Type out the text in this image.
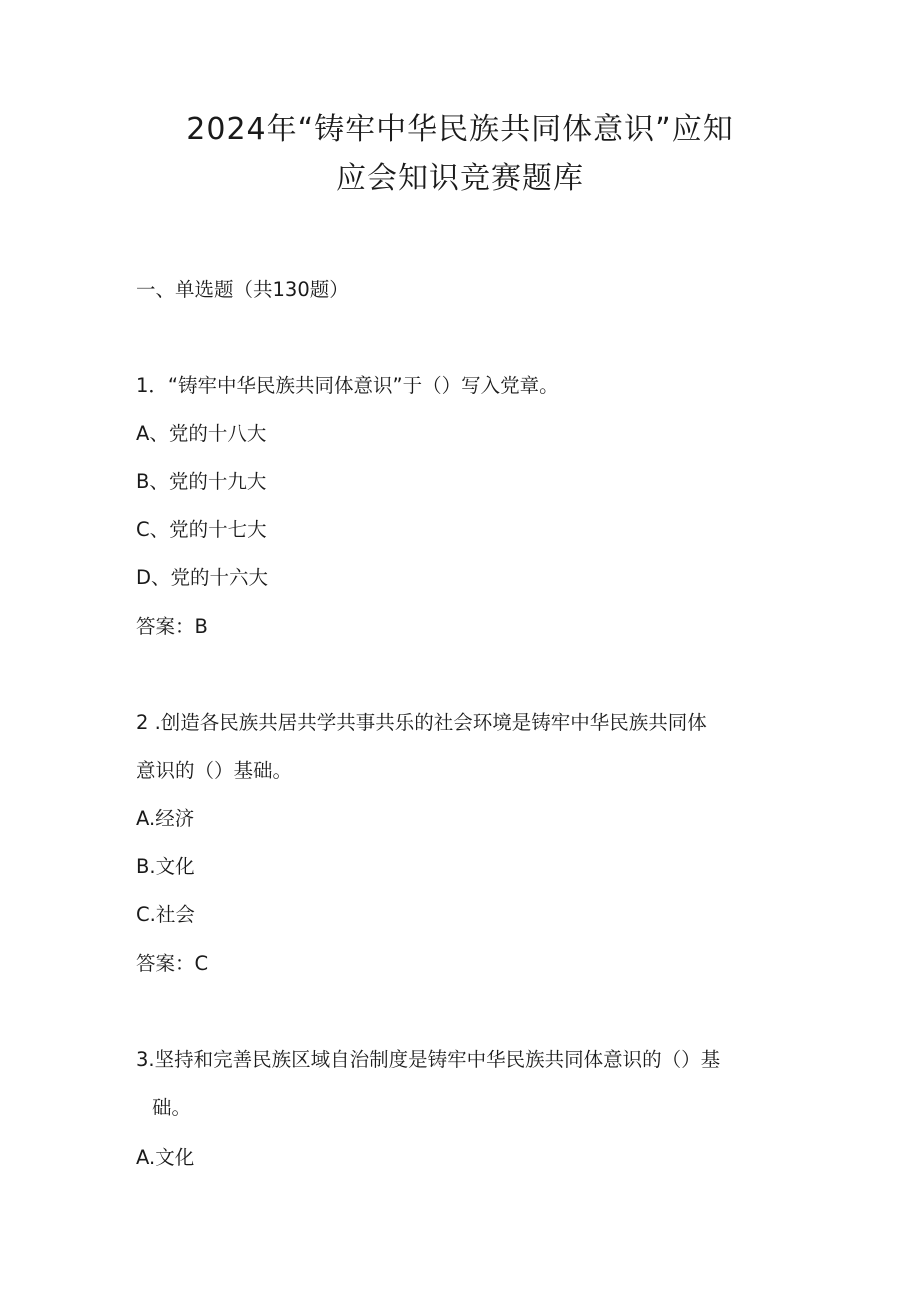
2024年“铸牢中华民族共同体意识”应知
应会知识竞赛题库
一、单选题（共130题）
1．“铸牢中华民族共同体意识”于（）写入党章。
A、党的十八大
B、党的十九大
C、党的十七大
D、党的十六大
答案：B
2 .创造各民族共居共学共事共乐的社会环境是铸牢中华民族共同体
意识的（）基础。
A.经济
B.文化
C.社会
答案：C
3.坚持和完善民族区域自治制度是铸牢中华民族共同体意识的（）基
础。
A.文化
